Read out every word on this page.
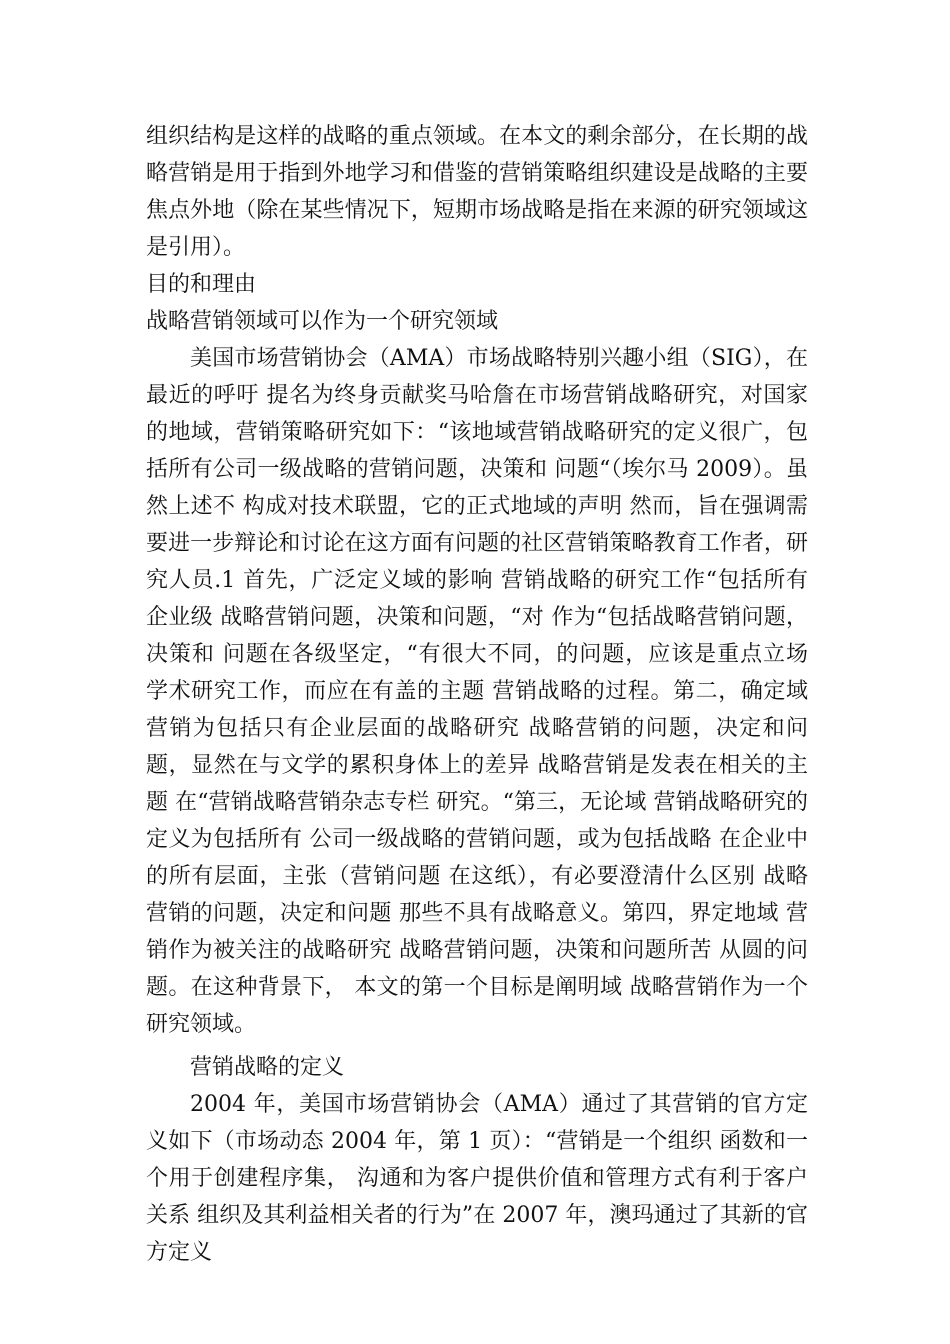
组织结构是这样的战略的重点领域。在本文的剩余部分，在长期的战略营销是用于指到外地学习和借鉴的营销策略组织建设是战略的主要焦点外地（除在某些情况下，短期市场战略是指在来源的研究领域这是引用）。

目的和理由

战略营销领域可以作为一个研究领域

美国市场营销协会（AMA）市场战略特别兴趣小组（SIG），在最近的呼吁 提名为终身贡献奖马哈詹在市场营销战略研究，对国家的地域，营销策略研究如下：“该地域营销战略研究的定义很广，包括所有公司一级战略的营销问题，决策和 问题“（埃尔马 2009）。虽然上述不 构成对技术联盟，它的正式地域的声明 然而，旨在强调需要进一步辩论和讨论在这方面有问题的社区营销策略教育工作者，研究人员.1 首先，广泛定义域的影响 营销战略的研究工作“包括所有企业级 战略营销问题，决策和问题，“对 作为“包括战略营销问题，决策和 问题在各级坚定，“有很大不同，的问题，应该是重点立场 学术研究工作，而应在有盖的主题 营销战略的过程。第二，确定域 营销为包括只有企业层面的战略研究 战略营销的问题，决定和问题，显然在与文学的累积身体上的差异 战略营销是发表在相关的主题 在“营销战略营销杂志专栏 研究。“第三，无论域 营销战略研究的定义为包括所有 公司一级战略的营销问题，或为包括战略 在企业中的所有层面，主张（营销问题 在这纸），有必要澄清什么区别 战略营销的问题，决定和问题 那些不具有战略意义。第四，界定地域 营销作为被关注的战略研究 战略营销问题，决策和问题所苦 从圆的问题。在这种背景下， 本文的第一个目标是阐明域 战略营销作为一个研究领域。

营销战略的定义

2004 年，美国市场营销协会（AMA）通过了其营销的官方定义如下（市场动态 2004 年，第 1 页）：“营销是一个组织 函数和一个用于创建程序集， 沟通和为客户提供价值和管理方式有利于客户关系 组织及其利益相关者的行为”在 2007 年，澳玛通过了其新的官方定义
